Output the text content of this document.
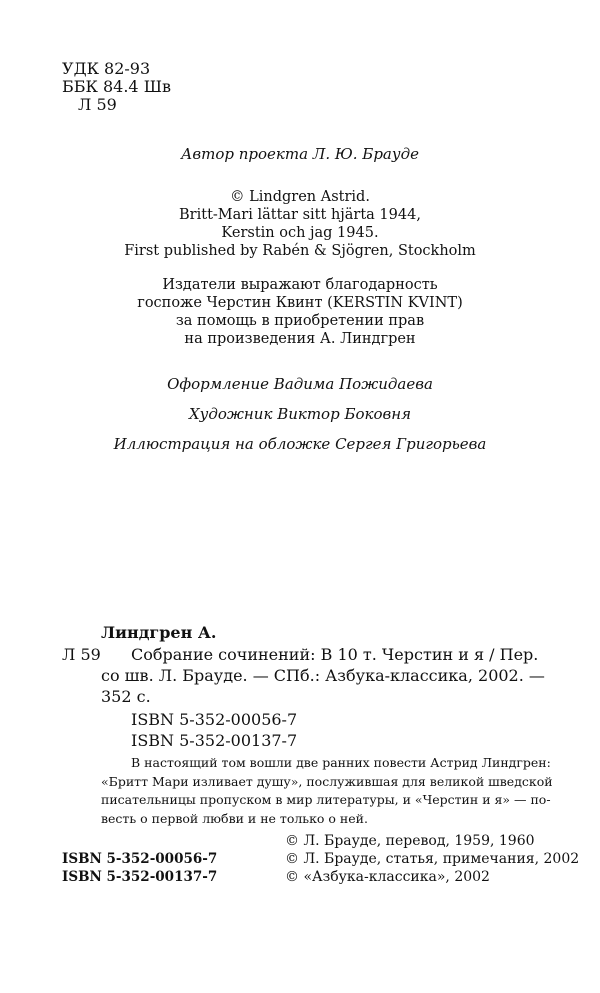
УДК 82-93
ББК 84.4 Шв
Л 59
Автор проекта Л. Ю. Брауде
© Lindgren Astrid.
Britt-Mari lättar sitt hjärta 1944,
Kerstin och jag 1945.
First published by Rabén & Sjögren, Stockholm
Издатели выражают благодарность
госпоже Черстин Квинт (KERSTIN KVINT)
за помощь в приобретении прав
на произведения А. Линдгрен
Оформление Вадима Пожидаева
Художник Виктор Боковня
Иллюстрация на обложке Сергея Григорьева
Линдгрен А.
Л 59 Собрание сочинений: В 10 т. Черстин и я / Пер.
со шв. Л. Брауде. — СПб.: Азбука-классика, 2002. —
352 с.
ISBN 5-352-00056-7
ISBN 5-352-00137-7
В настоящий том вошли две ранних повести Астрид Линдгрен:
«Бритт Мари изливает душу», послужившая для великой шведской
писательницы пропуском в мир литературы, и «Черстин и я» — по-
весть о первой любви и не только о ней.
© Л. Брауде, перевод, 1959, 1960
© Л. Брауде, статья, примечания, 2002
© «Азбука-классика», 2002
ISBN 5-352-00056-7
ISBN 5-352-00137-7
